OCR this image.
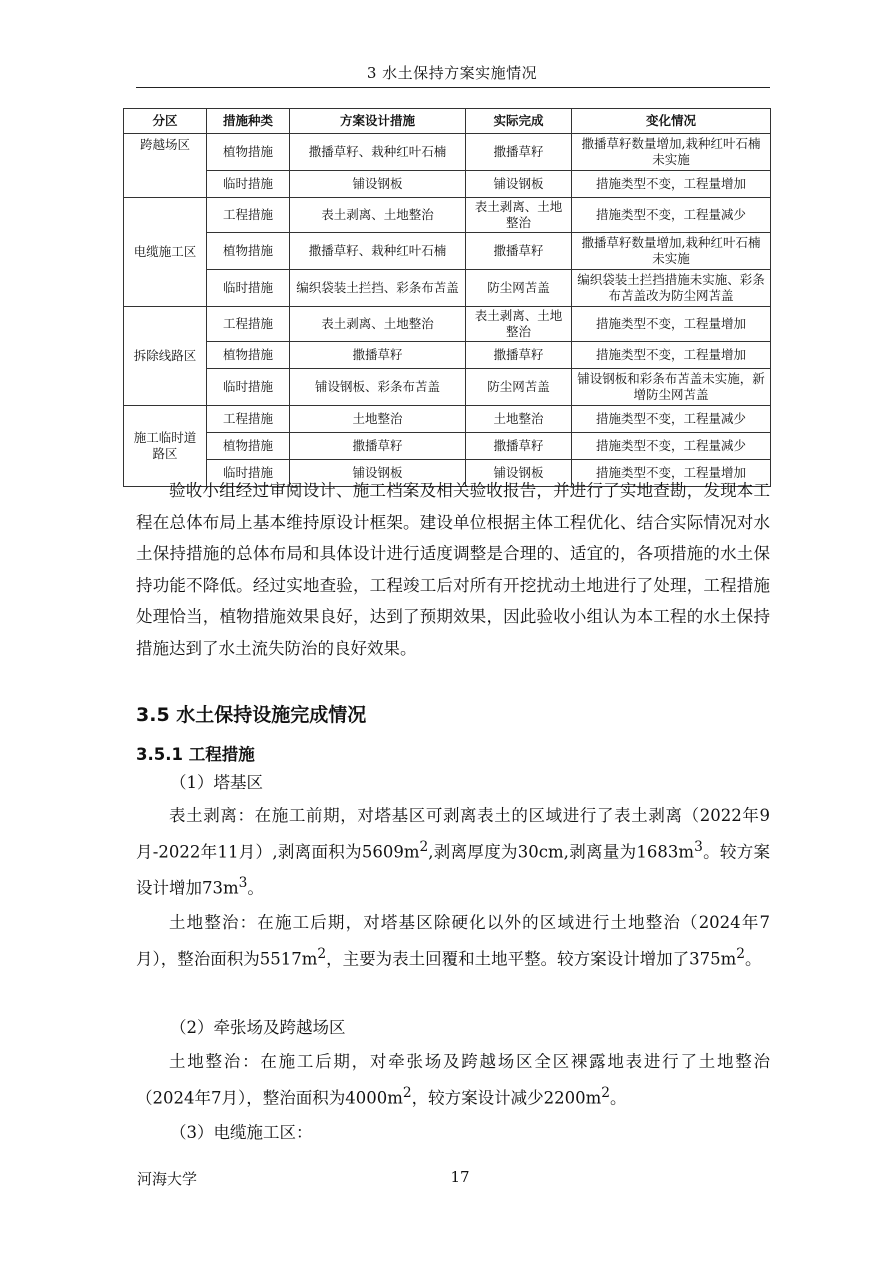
3 水土保持方案实施情况
分区	措施种类	方案设计措施	实际完成	变化情况
跨越场区	植物措施	撒播草籽、栽种红叶石楠	撒播草籽	撒播草籽数量增加,栽种红叶石楠未实施
	临时措施	铺设钢板	铺设钢板	措施类型不变，工程量增加
电缆施工区	工程措施	表土剥离、土地整治	表土剥离、土地整治	措施类型不变，工程量减少
	植物措施	撒播草籽、栽种红叶石楠	撒播草籽	撒播草籽数量增加,栽种红叶石楠未实施
	临时措施	编织袋装土拦挡、彩条布苫盖	防尘网苫盖	编织袋装土拦挡措施未实施、彩条布苫盖改为防尘网苫盖
拆除线路区	工程措施	表土剥离、土地整治	表土剥离、土地整治	措施类型不变，工程量增加
	植物措施	撒播草籽	撒播草籽	措施类型不变，工程量增加
	临时措施	铺设钢板、彩条布苫盖	防尘网苫盖	铺设钢板和彩条布苫盖未实施，新增防尘网苫盖
施工临时道路区	工程措施	土地整治	土地整治	措施类型不变，工程量减少
	植物措施	撒播草籽	撒播草籽	措施类型不变，工程量减少
	临时措施	铺设钢板	铺设钢板	措施类型不变，工程量增加
验收小组经过审阅设计、施工档案及相关验收报告，并进行了实地查勘，发现本工程在总体布局上基本维持原设计框架。建设单位根据主体工程优化、结合实际情况对水土保持措施的总体布局和具体设计进行适度调整是合理的、适宜的，各项措施的水土保持功能不降低。经过实地查验，工程竣工后对所有开挖扰动土地进行了处理，工程措施处理恰当，植物措施效果良好，达到了预期效果，因此验收小组认为本工程的水土保持措施达到了水土流失防治的良好效果。
3.5 水土保持设施完成情况
3.5.1 工程措施
（1）塔基区
表土剥离：在施工前期，对塔基区可剥离表土的区域进行了表土剥离（2022年9月-2022年11月）,剥离面积为$5609m^2$,剥离厚度为30cm,剥离量为$1683m^3$。较方案设计增加$73m^3$。
土地整治：在施工后期，对塔基区除硬化以外的区域进行土地整治（2024年7月），整治面积为$5517m^2$，主要为表土回覆和土地平整。较方案设计增加了$375m^2$。
（2）牵张场及跨越场区
土地整治：在施工后期，对牵张场及跨越场区全区裸露地表进行了土地整治（2024年7月），整治面积为$4000m^2$，较方案设计减少$2200m^2$。
（3）电缆施工区：
河海大学	17
